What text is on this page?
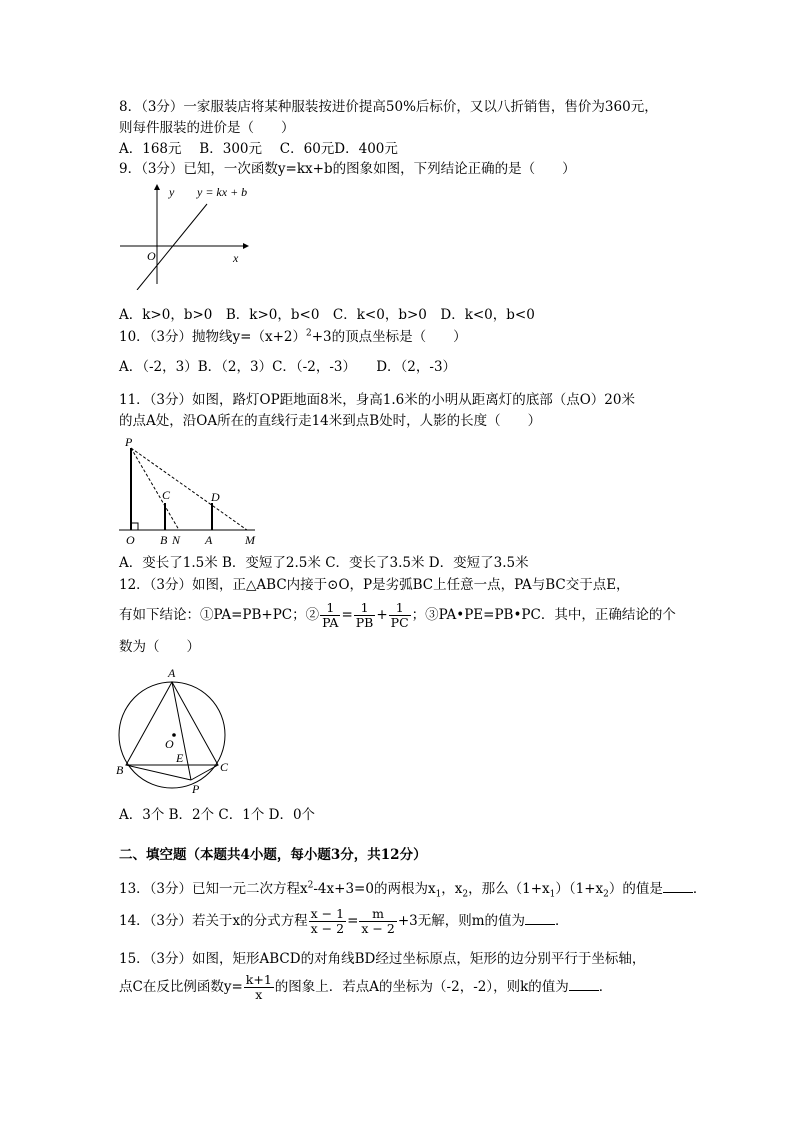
8．（3分）一家服装店将某种服装按进价提高50%后标价，又以八折销售，售价为360元，
则每件服装的进价是（　　）
A．168元　 B．300元　 C．60元D．400元
9．（3分）已知，一次函数y=kx+b的图象如图，下列结论正确的是（　　）
y y = kx + b
O	x
A．k>0，b>0　B．k>0，b<0　C．k<0，b>0　D．k<0，b<0
10．（3分）抛物线$y=(x+2)^2+3$的顶点坐标是（　　）
A．（-2，3）B．（2，3）C．（-2，-3）　　D．（2，-3）
11．（3分）如图，路灯OP距地面8米，身高1.6米的小明从距离灯的底部（点O）20米
的点A处，沿OA所在的直线行走14米到点B处时，人影的长度（　　）
P
C	D
O B N A	M
A．变长了1.5米 B．变短了2.5米 C．变长了3.5米 D．变短了3.5米
12．（3分）如图，正△ABC内接于⊙O，P是劣弧BC上任意一点，PA与BC交于点E，
有如下结论：①PA=PB+PC；② $\frac{1}{PA} = \frac{1}{PB} + \frac{1}{PC}$ ；③PA•PE=PB•PC．其中，正确结论的个
数为（　　）
A
O
B
E
C
P
A．3个 B．2个 C．1个 D．0个
二、填空题（本题共4小题，每小题3分，共12分）
13．（3分）已知一元二次方程$x^2-4x+3=0$的两根为$x_1$，$x_2$，那么$(1+x_1)(1+x_2)$的值是 ．
14．（3分）若关于x的分式方程 $\frac{x - 1}{x - 2} = \frac{m}{x - 2} +3$无解，则m的值为 ．
15．（3分）如图，矩形ABCD的对角线BD经过坐标原点，矩形的边分别平行于坐标轴，
点C在反比例函数$y= \frac{k+1}{x}$ 的图象上．若点A的坐标为（-2，-2），则k的值为 ．
